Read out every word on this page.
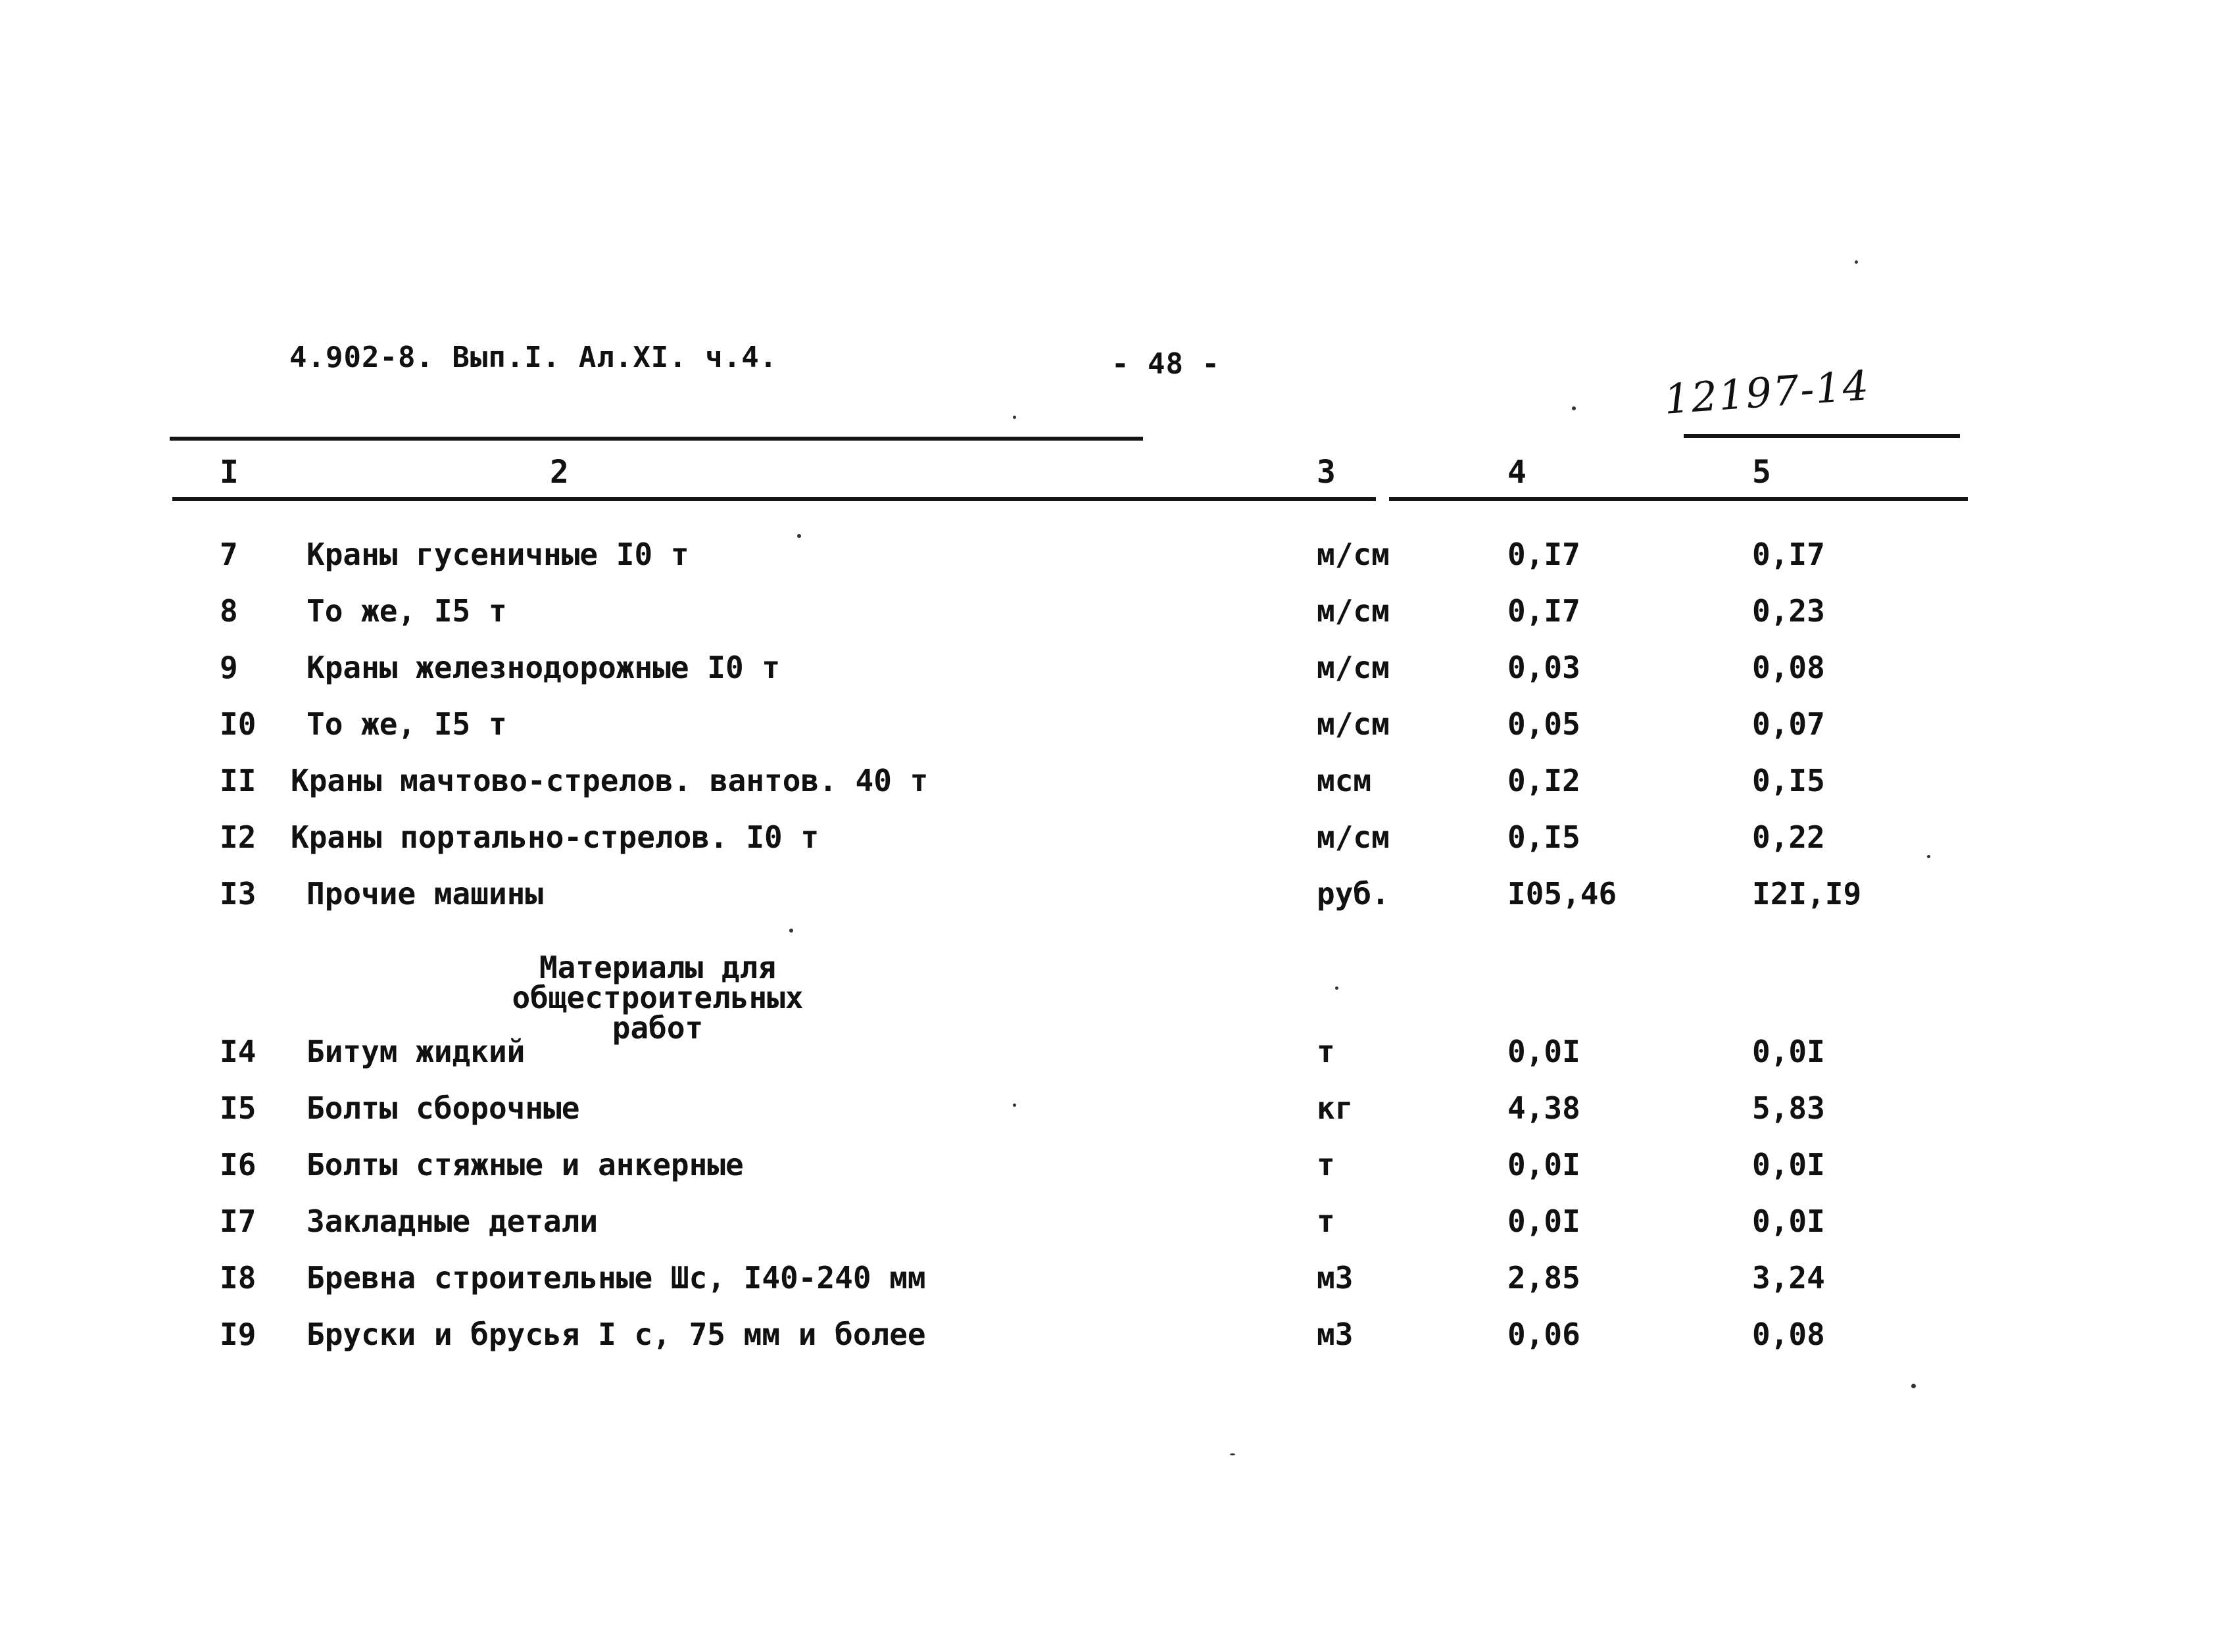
4.902-8. Вып.I. Ал.XI. ч.4.	- 48 -	12197-14
I	2	3	4	5
7 Краны гусеничные I0 т	м/см	0,I7	0,I7
8 То же, I5 т	м/см	0,I7	0,23
9 Краны железнодорожные I0 т	м/см	0,03	0,08
I0 То же, I5 т	м/см	0,05	0,07
II Краны мачтово-стрелов. вантов. 40 т	мсм	0,I2	0,I5
I2 Краны портально-стрелов. I0 т	м/см	0,I5	0,22
I3 Прочие машины	руб.	I05,46	I2I,I9
Материалы для общестроительных
работ
I4 Битум жидкий	т	0,0I	0,0I
I5 Болты сборочные	кг	4,38	5,83
I6 Болты стяжные и анкерные	т	0,0I	0,0I
I7 Закладные детали	т	0,0I	0,0I
I8 Бревна строительные Шс, I40-240 мм	м3	2,85	3,24
I9 Бруски и брусья I с, 75 мм и более	м3	0,06	0,08
